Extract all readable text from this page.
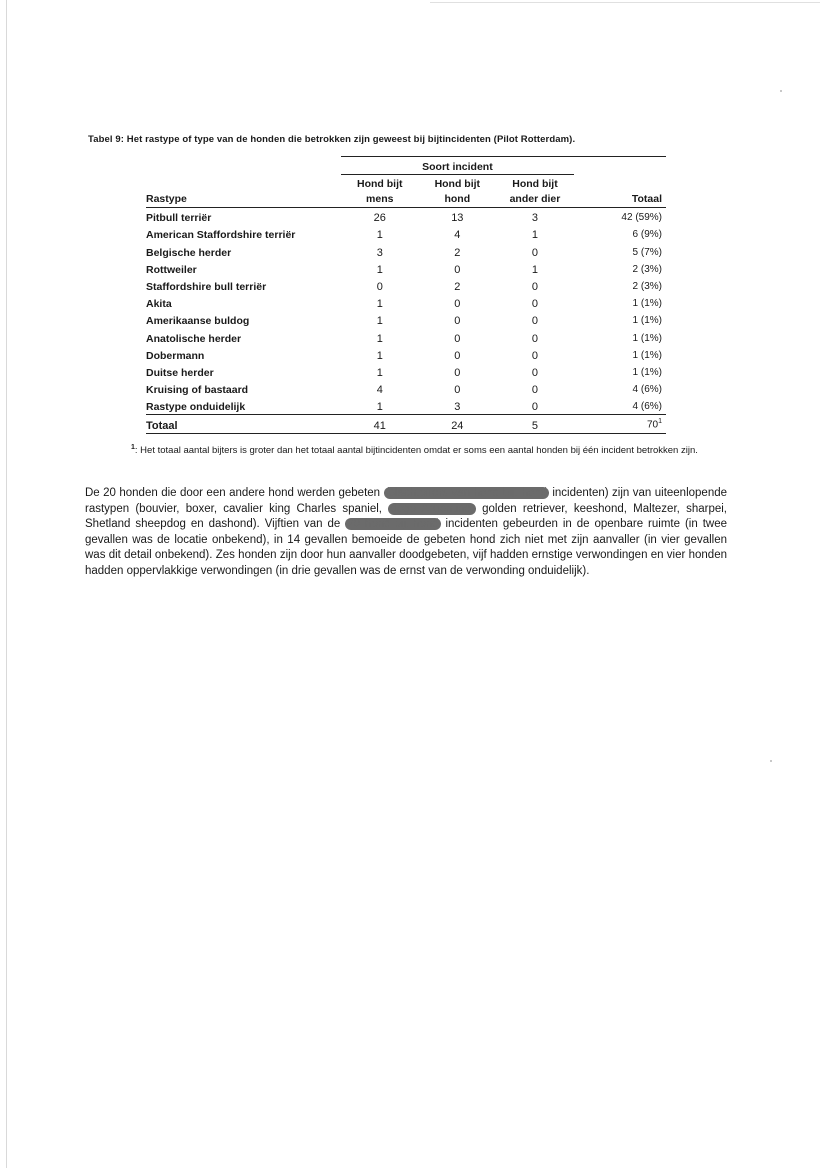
Tabel 9: Het rastype of type van de honden die betrokken zijn geweest bij bijtincidenten (Pilot Rotterdam).
	Soort incident			
Rastype	Hond bijt mens	Hond bijt hond	Hond bijt ander dier	Totaal
Pitbull terriër	26	13	3	42 (59%)
American Staffordshire terriër	1	4	1	6 (9%)
Belgische herder	3	2	0	5 (7%)
Rottweiler	1	0	1	2 (3%)
Staffordshire bull terriër	0	2	0	2 (3%)
Akita	1	0	0	1 (1%)
Amerikaanse buldog	1	0	0	1 (1%)
Anatolische herder	1	0	0	1 (1%)
Dobermann	1	0	0	1 (1%)
Duitse herder	1	0	0	1 (1%)
Kruising of bastaard	4	0	0	4 (6%)
Rastype onduidelijk	1	3	0	4 (6%)
Totaal	41	24	5	$70^1$
$^1$: Het totaal aantal bijters is groter dan het totaal aantal bijtincidenten omdat er soms een aantal honden bij één incident betrokken zijn.
De 20 honden die door een andere hond werden gebeten (slachtoffers van hond-bijt-hond incidenten) zijn van uiteenlopende rastypen (bouvier, boxer, cavalier king Charles spaniel, dogo Argentino, golden retriever, keeshond, Maltezer, sharpei, Shetland sheepdog en dashond). Vijftien van de 20 hond-bijt-hond incidenten gebeurden in de openbare ruimte (in twee gevallen was de locatie onbekend), in 14 gevallen bemoeide de gebeten hond zich niet met zijn aanvaller (in vier gevallen was dit detail onbekend). Zes honden zijn door hun aanvaller doodgebeten, vijf hadden ernstige verwondingen en vier honden hadden oppervlakkige verwondingen (in drie gevallen was de ernst van de verwonding onduidelijk).
